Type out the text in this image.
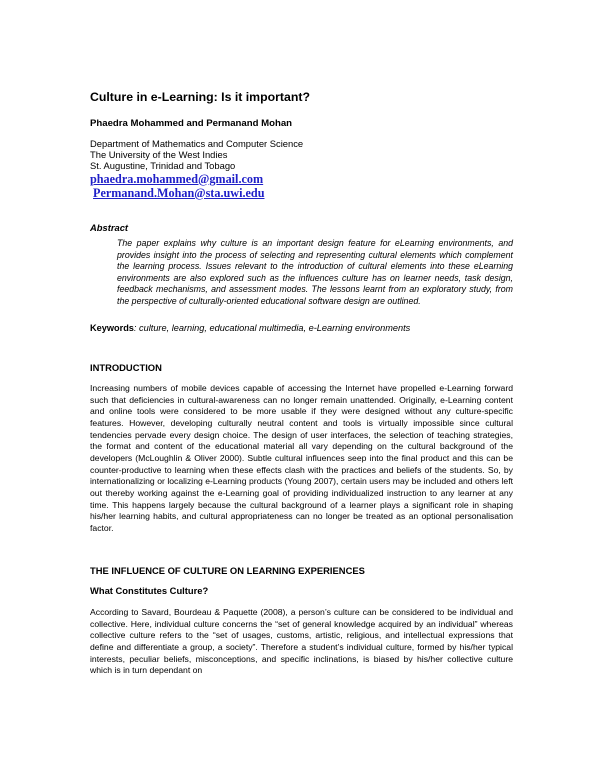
Culture in e-Learning: Is it important?
Phaedra Mohammed and Permanand Mohan
Department of Mathematics and Computer Science
The University of the West Indies
St. Augustine, Trinidad and Tobago
phaedra.mohammed@gmail.com
Permanand.Mohan@sta.uwi.edu
Abstract
The paper explains why culture is an important design feature for eLearning environments, and provides insight into the process of selecting and representing cultural elements which complement the learning process. Issues relevant to the introduction of cultural elements into these eLearning environments are also explored such as the influences culture has on learner needs, task design, feedback mechanisms, and assessment modes. The lessons learnt from an exploratory study, from the perspective of culturally-oriented educational software design are outlined.
Keywords: culture, learning, educational multimedia, e-Learning environments
INTRODUCTION
Increasing numbers of mobile devices capable of accessing the Internet have propelled e-Learning forward such that deficiencies in cultural-awareness can no longer remain unattended. Originally, e-Learning content and online tools were considered to be more usable if they were designed without any culture-specific features. However, developing culturally neutral content and tools is virtually impossible since cultural tendencies pervade every design choice. The design of user interfaces, the selection of teaching strategies, the format and content of the educational material all vary depending on the cultural background of the developers (McLoughlin & Oliver 2000). Subtle cultural influences seep into the final product and this can be counter-productive to learning when these effects clash with the practices and beliefs of the students. So, by internationalizing or localizing e-Learning products (Young 2007), certain users may be included and others left out thereby working against the e-Learning goal of providing individualized instruction to any learner at any time. This happens largely because the cultural background of a learner plays a significant role in shaping his/her learning habits, and cultural appropriateness can no longer be treated as an optional personalisation factor.
THE INFLUENCE OF CULTURE ON LEARNING EXPERIENCES
What Constitutes Culture?
According to Savard, Bourdeau & Paquette (2008), a person’s culture can be considered to be individual and collective. Here, individual culture concerns the “set of general knowledge acquired by an individual” whereas collective culture refers to the “set of usages, customs, artistic, religious, and intellectual expressions that define and differentiate a group, a society”. Therefore a student’s individual culture, formed by his/her typical interests, peculiar beliefs, misconceptions, and specific inclinations, is biased by his/her collective culture which is in turn dependant on
